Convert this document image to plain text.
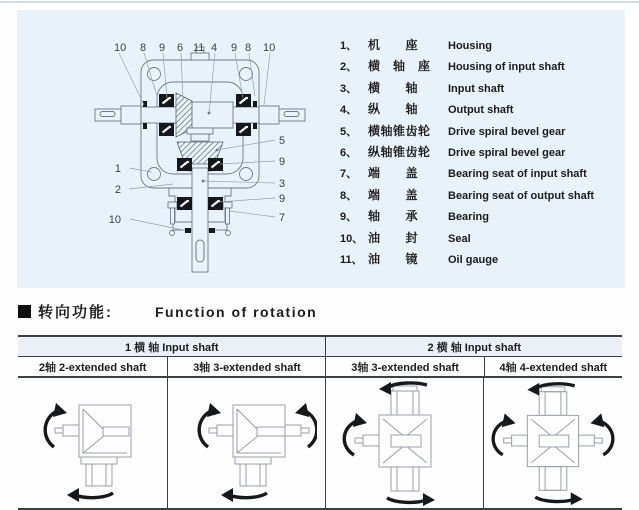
10 8 9 6 11 4 9 8 10
1
2
10
5
9
3
9
7
1、 机　　座	Housing
2、 横　轴　座	Housing of input shaft
3、 横　　轴	Input shaft
4、 纵　　轴	Output shaft
5、 横轴锥齿轮	Drive spiral bevel gear
6、 纵轴锥齿轮	Drive spiral bevel gear
7、 端　　盖	Bearing seat of input shaft
8、 端　　盖	Bearing seat of output shaft
9、 轴　　承	Bearing
10、 油　　封	Seal
11、 油　　镜	Oil gauge
转向功能:	Function of rotation
1 横 轴 Input shaft	2 横 轴 Input shaft
2轴 2-extended shaft	3轴 3-extended shaft	3轴 3-extended shaft	4轴 4-extended shaft
